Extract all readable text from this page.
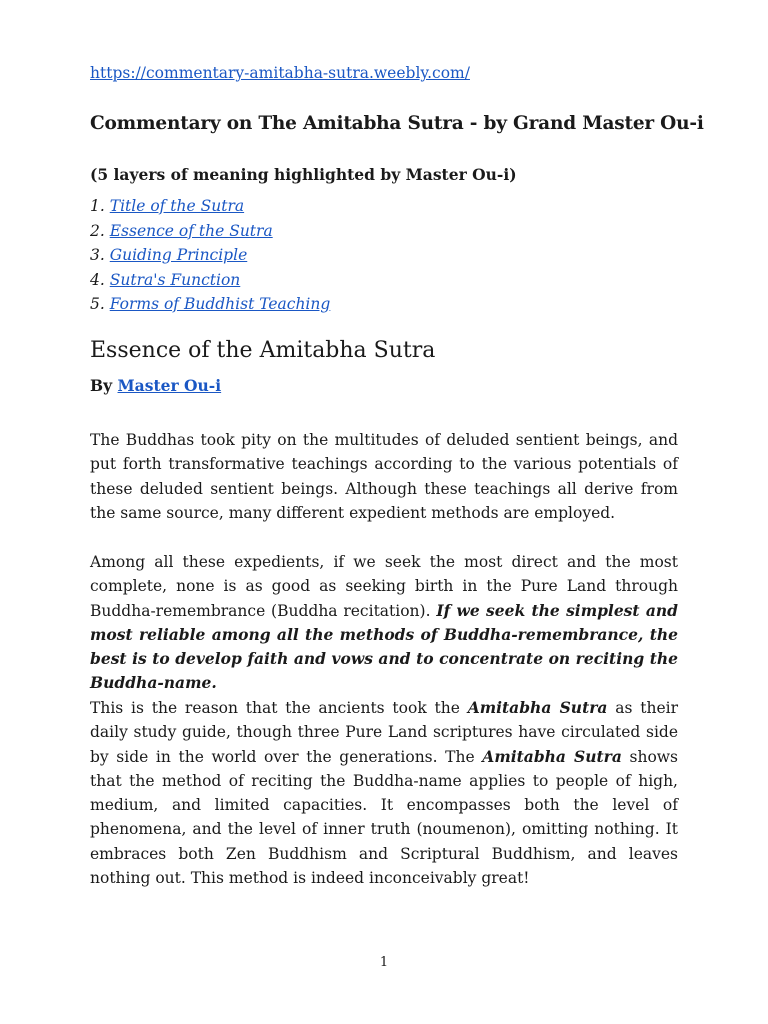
https://commentary-amitabha-sutra.weebly.com/
Commentary on The Amitabha Sutra - by Grand Master Ou-i
(5 layers of meaning highlighted by Master Ou-i)
1. Title of the Sutra
2. Essence of the Sutra
3. Guiding Principle
4. Sutra's Function
5. Forms of Buddhist Teaching
Essence of the Amitabha Sutra
By Master Ou-i

The Buddhas took pity on the multitudes of deluded sentient beings, and put forth transformative teachings according to the various potentials of these deluded sentient beings. Although these teachings all derive from the same source, many different expedient methods are employed.

Among all these expedients, if we seek the most direct and the most complete, none is as good as seeking birth in the Pure Land through Buddha-remembrance (Buddha recitation). If we seek the simplest and most reliable among all the methods of Buddha-remembrance, the best is to develop faith and vows and to concentrate on reciting the Buddha-name.

This is the reason that the ancients took the Amitabha Sutra as their daily study guide, though three Pure Land scriptures have circulated side by side in the world over the generations. The Amitabha Sutra shows that the method of reciting the Buddha-name applies to people of high, medium, and limited capacities. It encompasses both the level of phenomena, and the level of inner truth (noumenon), omitting nothing. It embraces both Zen Buddhism and Scriptural Buddhism, and leaves nothing out. This method is indeed inconceivably great!

1
